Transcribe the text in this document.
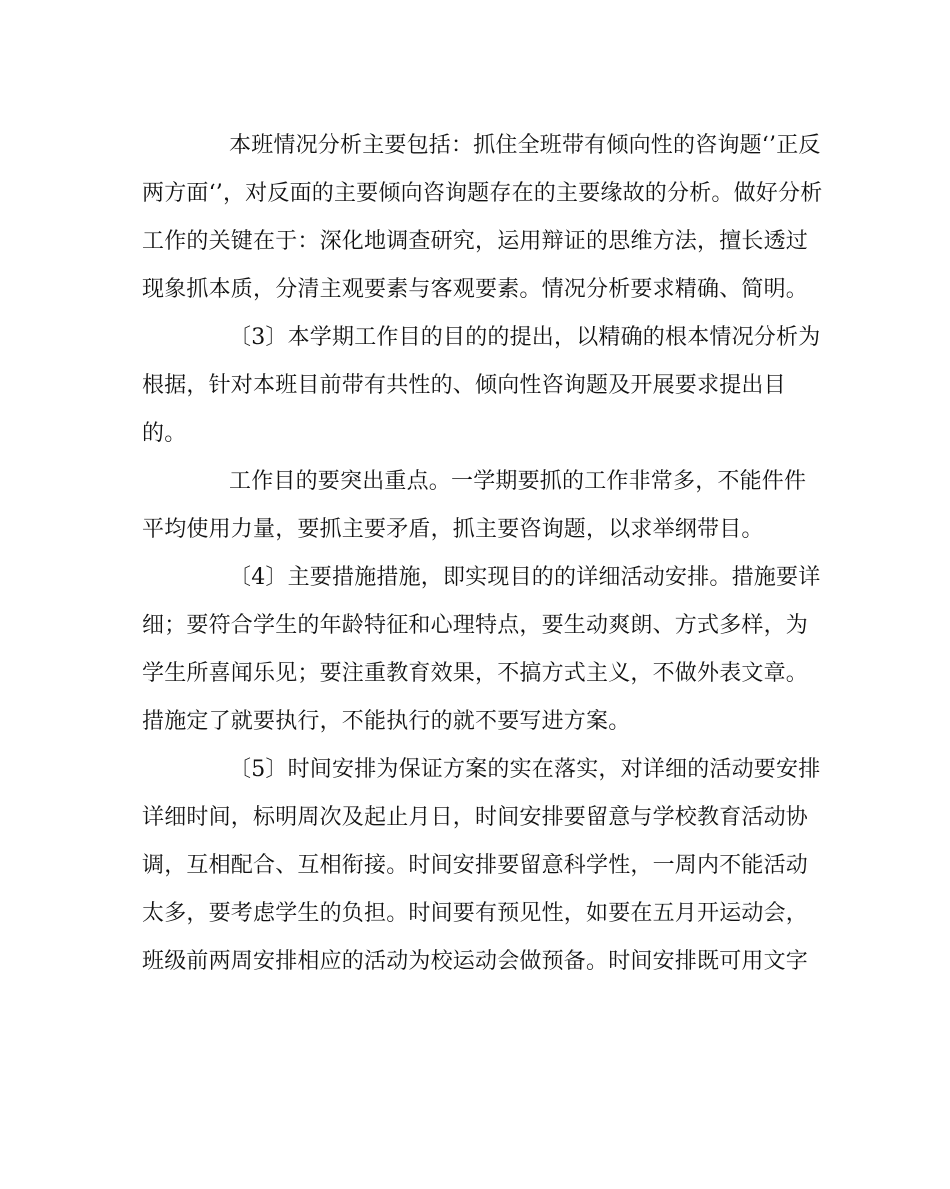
本班情况分析主要包括：抓住全班带有倾向性的咨询题‘’正反
两方面‘’，对反面的主要倾向咨询题存在的主要缘故的分析。做好分析
工作的关键在于：深化地调查研究，运用辩证的思维方法，擅长透过
现象抓本质，分清主观要素与客观要素。情况分析要求精确、简明。
〔3〕本学期工作目的目的的提出，以精确的根本情况分析为
根据，针对本班目前带有共性的、倾向性咨询题及开展要求提出目
的。
工作目的要突出重点。一学期要抓的工作非常多，不能件件
平均使用力量，要抓主要矛盾，抓主要咨询题，以求举纲带目。
〔4〕主要措施措施，即实现目的的详细活动安排。措施要详
细；要符合学生的年龄特征和心理特点，要生动爽朗、方式多样，为
学生所喜闻乐见；要注重教育效果，不搞方式主义，不做外表文章。
措施定了就要执行，不能执行的就不要写进方案。
〔5〕时间安排为保证方案的实在落实，对详细的活动要安排
详细时间，标明周次及起止月日，时间安排要留意与学校教育活动协
调，互相配合、互相衔接。时间安排要留意科学性，一周内不能活动
太多，要考虑学生的负担。时间要有预见性，如要在五月开运动会，
班级前两周安排相应的活动为校运动会做预备。时间安排既可用文字
